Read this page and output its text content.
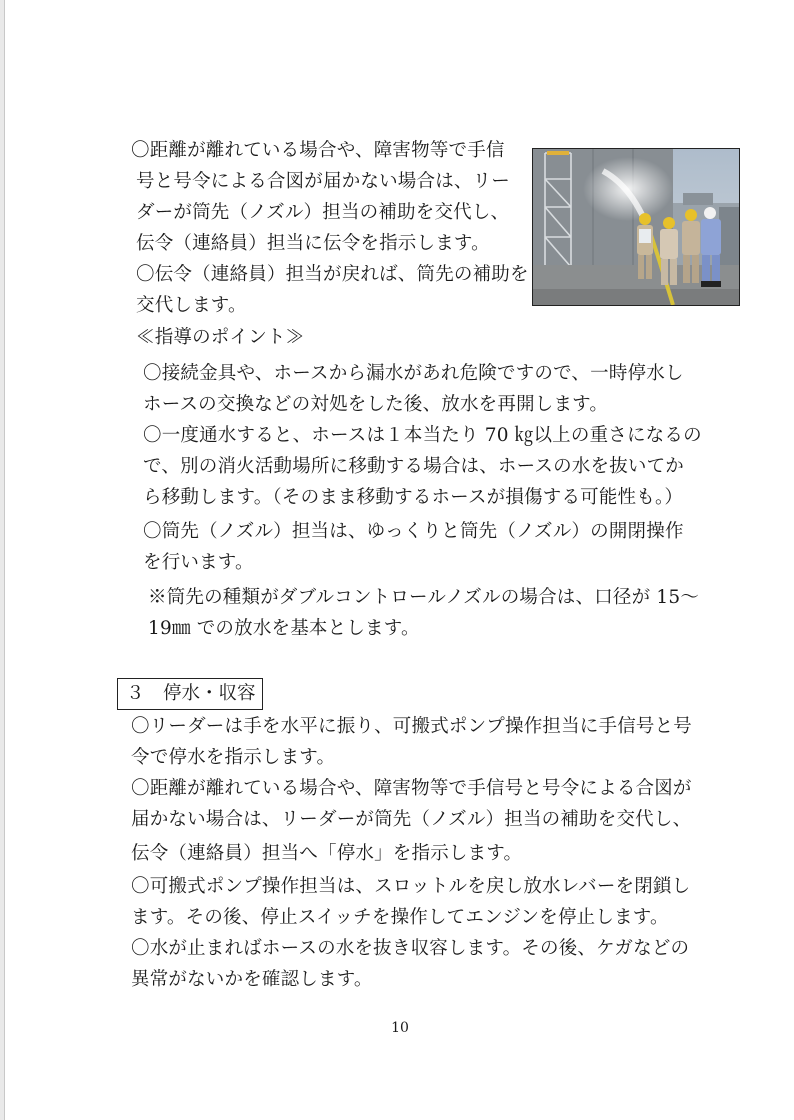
〇距離が離れている場合や、障害物等で手信
号と号令による合図が届かない場合は、リー
ダーが筒先（ノズル）担当の補助を交代し、
伝令（連絡員）担当に伝令を指示します。
〇伝令（連絡員）担当が戻れば、筒先の補助を
交代します。
≪指導のポイント≫
〇接続金具や、ホースから漏水があれ危険ですので、一時停水し
ホースの交換などの対処をした後、放水を再開します。
〇一度通水すると、ホースは１本当たり 70 ㎏以上の重さになるの
で、別の消火活動場所に移動する場合は、ホースの水を抜いてか
ら移動します。（そのまま移動するホースが損傷する可能性も。）
〇筒先（ノズル）担当は、ゆっくりと筒先（ノズル）の開閉操作
を行います。
※筒先の種類がダブルコントロールノズルの場合は、口径が 15～
19㎜ での放水を基本とします。
３　停水・収容
〇リーダーは手を水平に振り、可搬式ポンプ操作担当に手信号と号
令で停水を指示します。
〇距離が離れている場合や、障害物等で手信号と号令による合図が
届かない場合は、リーダーが筒先（ノズル）担当の補助を交代し、
伝令（連絡員）担当へ「停水」を指示します。
〇可搬式ポンプ操作担当は、スロットルを戻し放水レバーを閉鎖し
ます。その後、停止スイッチを操作してエンジンを停止します。
〇水が止まればホースの水を抜き収容します。その後、ケガなどの
異常がないかを確認します。
10
